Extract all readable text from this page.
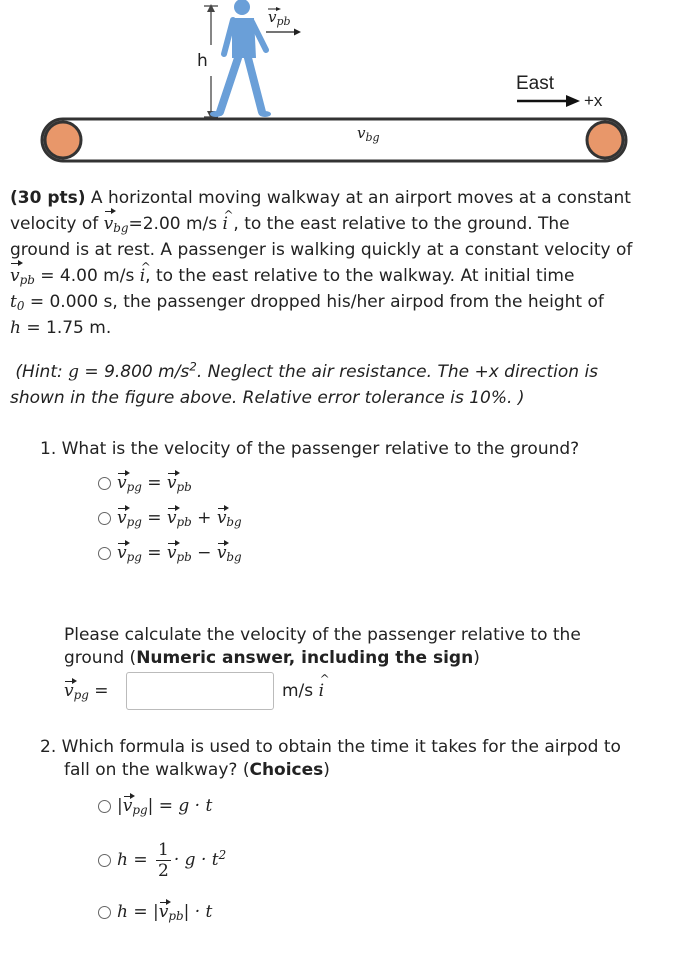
h
$v_{pb}$
$v_{bg}$
East
+x

(30 pts) A horizontal moving walkway at an airport moves at a constant

velocity of $v_{bg}=2.00$ m/s i ^ , to the east relative to the ground. The

ground is at rest. A passenger is walking quickly at a constant velocity of

$v_{pb} = 4.00$ m/s i ^, to the east relative to the walkway. At initial time

$t_0 = 0.000$ s, the passenger dropped his/her airpod from the height of

h = 1.75 m.

(Hint: g = 9.800 $m/s^2$. Neglect the air resistance. The +x direction is

shown in the figure above. Relative error tolerance is 10%. )

1. What is the velocity of the passenger relative to the ground?

$v_{pg} = v_{pb}$
$v_{pg} = v_{pb} + v_{bg}$
$v_{pg} = v_{pb} - v_{bg}$

Please calculate the velocity of the passenger relative to the

ground (Numeric answer, including the sign)

$v_{pg}$ =	m/s i ^

2. Which formula is used to obtain the time it takes for the airpod to

fall on the walkway? (Choices)

$|v_{pg}| = g \cdot t$
$h = \frac{1}{2} \cdot g \cdot t$ 2
$h = |v_{pb}| \cdot t$
